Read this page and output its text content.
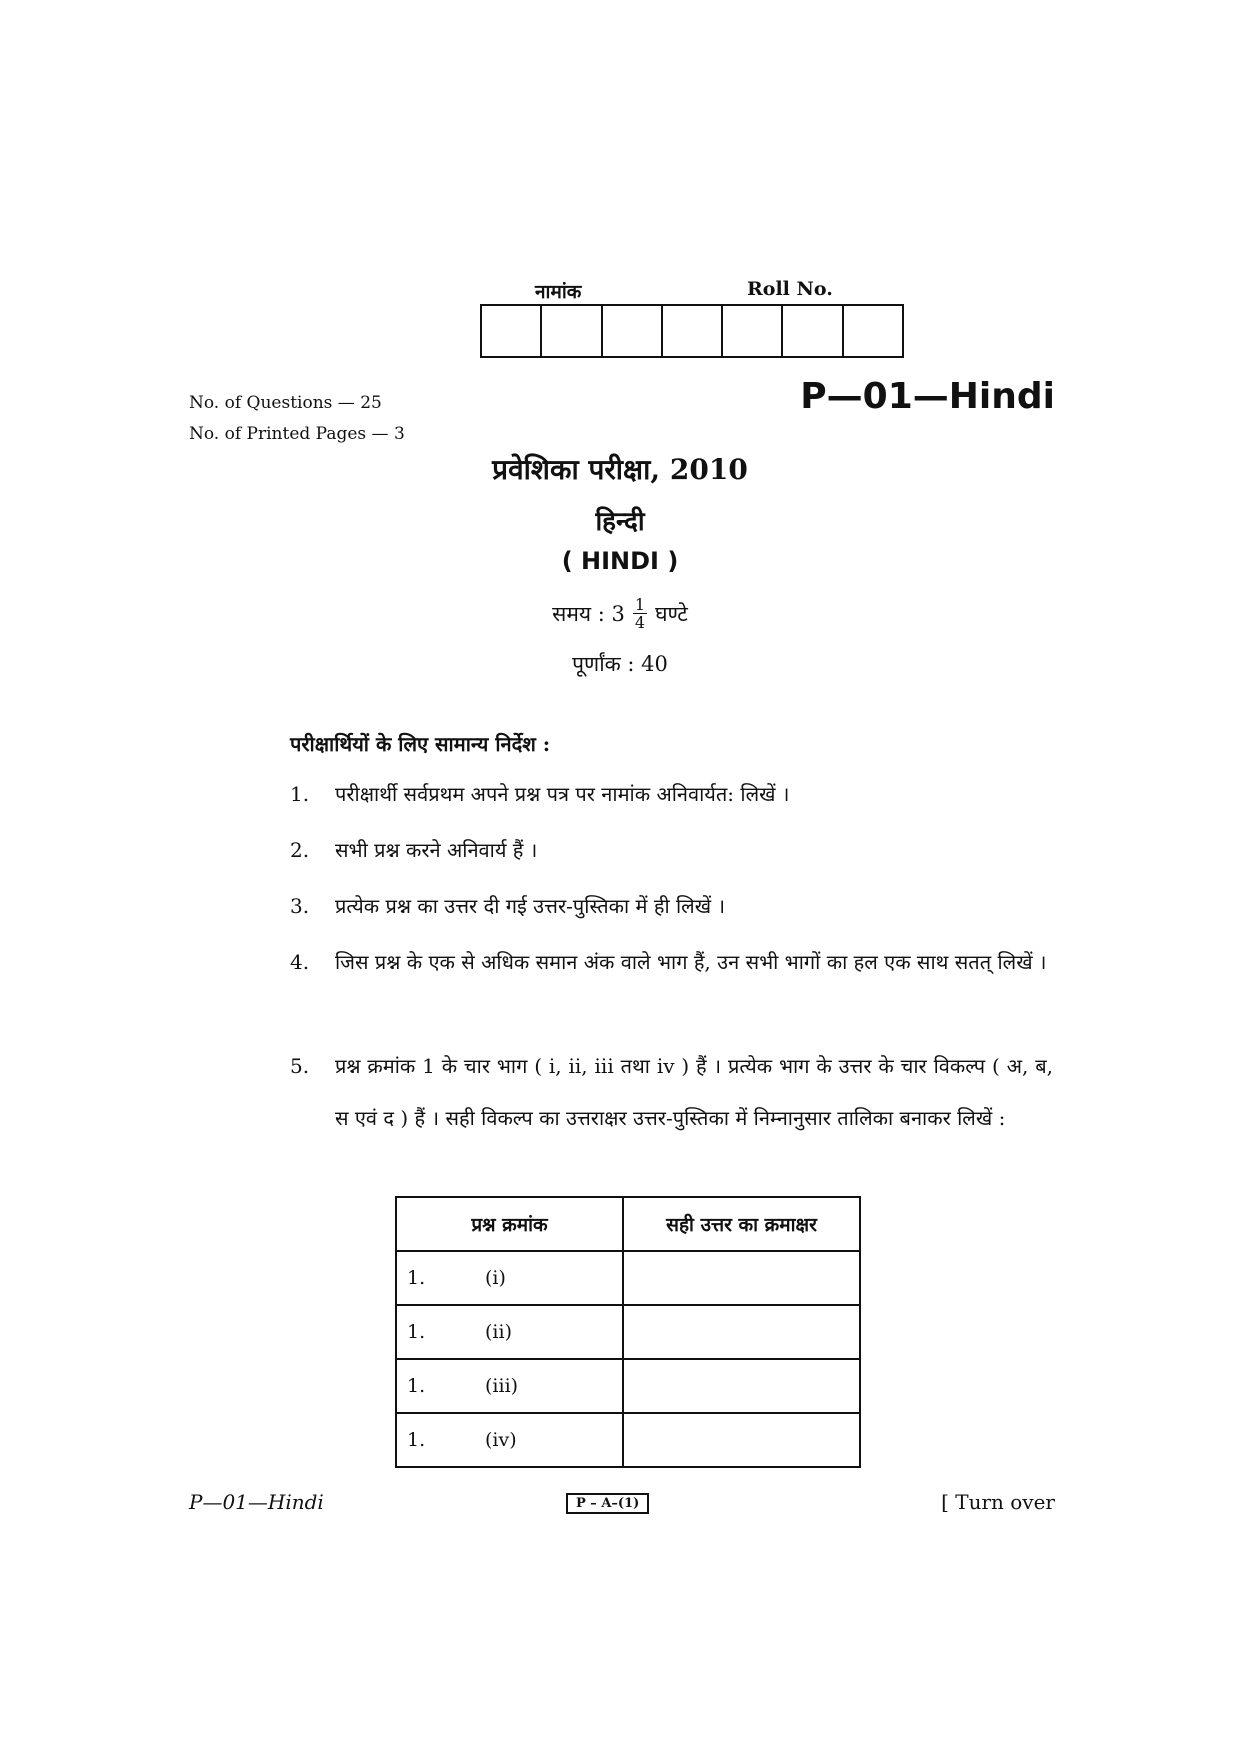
नामांक	Roll No.
No. of Questions — 25
No. of Printed Pages — 3
P—01—Hindi
प्रवेशिका परीक्षा, 2010
हिन्दी
( HINDI )
समय : $3 \frac{1}{4}$ घण्टे
पूर्णांक : 40
परीक्षार्थियों के लिए सामान्य निर्देश :
1.	परीक्षार्थी सर्वप्रथम अपने प्रश्न पत्र पर नामांक अनिवार्यत: लिखें ।
2.	सभी प्रश्न करने अनिवार्य हैं ।
3.	प्रत्येक प्रश्न का उत्तर दी गई उत्तर-पुस्तिका में ही लिखें ।
4.	जिस प्रश्न के एक से अधिक समान अंक वाले भाग हैं, उन सभी भागों का हल एक साथ सतत् लिखें ।
5.	प्रश्न क्रमांक 1 के चार भाग ( i, ii, iii तथा iv ) हैं । प्रत्येक भाग के उत्तर के चार विकल्प ( अ, ब, स एवं द ) हैं । सही विकल्प का उत्तराक्षर उत्तर-पुस्तिका में निम्नानुसार तालिका बनाकर लिखें :
प्रश्न क्रमांक	सही उत्तर का क्रमाक्षर
1. (i)	
1. (ii)	
1. (iii)	
1. (iv)	
P—01—Hindi	P – A–(1)	[ Turn over
